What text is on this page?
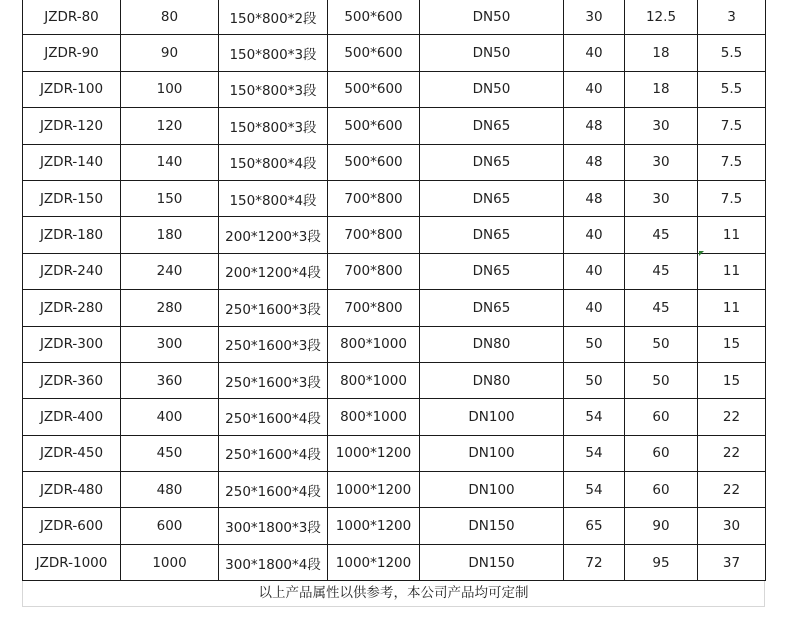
JZDR-80	80	150*800*2段	500*600	DN50	30	12.5	3
JZDR-90	90	150*800*3段	500*600	DN50	40	18	5.5
JZDR-100	100	150*800*3段	500*600	DN50	40	18	5.5
JZDR-120	120	150*800*3段	500*600	DN65	48	30	7.5
JZDR-140	140	150*800*4段	500*600	DN65	48	30	7.5
JZDR-150	150	150*800*4段	700*800	DN65	48	30	7.5
JZDR-180	180	200*1200*3段	700*800	DN65	40	45	11
JZDR-240	240	200*1200*4段	700*800	DN65	40	45	11
JZDR-280	280	250*1600*3段	700*800	DN65	40	45	11
JZDR-300	300	250*1600*3段	800*1000	DN80	50	50	15
JZDR-360	360	250*1600*3段	800*1000	DN80	50	50	15
JZDR-400	400	250*1600*4段	800*1000	DN100	54	60	22
JZDR-450	450	250*1600*4段	1000*1200	DN100	54	60	22
JZDR-480	480	250*1600*4段	1000*1200	DN100	54	60	22
JZDR-600	600	300*1800*3段	1000*1200	DN150	65	90	30
JZDR-1000	1000	300*1800*4段	1000*1200	DN150	72	95	37
以上产品属性以供参考，本公司产品均可定制
